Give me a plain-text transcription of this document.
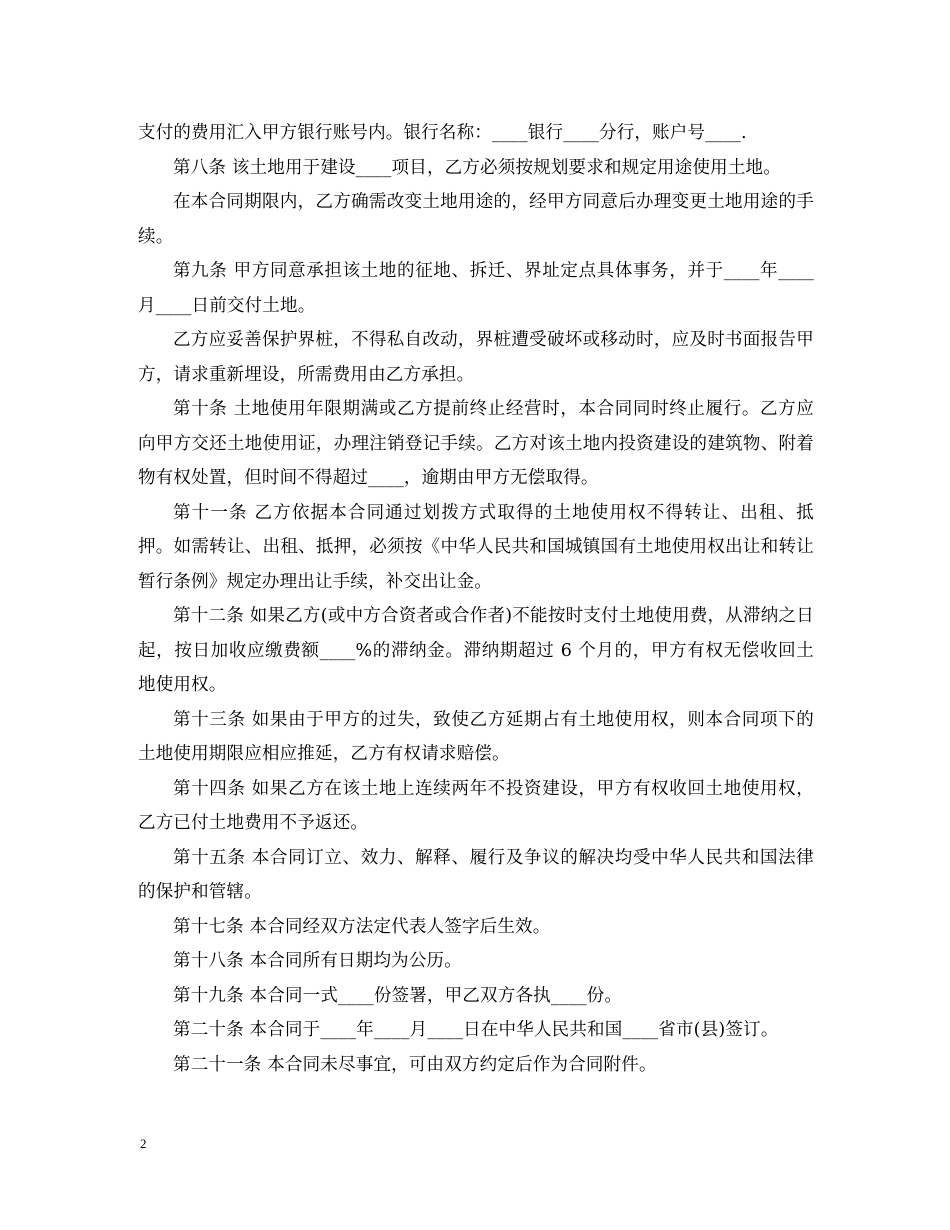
支付的费用汇入甲方银行账号内。银行名称：____银行____分行，账户号____.

第八条 该土地用于建设____项目，乙方必须按规划要求和规定用途使用土地。

在本合同期限内，乙方确需改变土地用途的，经甲方同意后办理变更土地用途的手续。

第九条 甲方同意承担该土地的征地、拆迁、界址定点具体事务，并于____年____月____日前交付土地。

乙方应妥善保护界桩，不得私自改动，界桩遭受破坏或移动时，应及时书面报告甲方，请求重新埋设，所需费用由乙方承担。

第十条 土地使用年限期满或乙方提前终止经营时，本合同同时终止履行。乙方应向甲方交还土地使用证，办理注销登记手续。乙方对该土地内投资建设的建筑物、附着物有权处置，但时间不得超过____，逾期由甲方无偿取得。

第十一条 乙方依据本合同通过划拨方式取得的土地使用权不得转让、出租、抵押。如需转让、出租、抵押，必须按《中华人民共和国城镇国有土地使用权出让和转让暂行条例》规定办理出让手续，补交出让金。

第十二条 如果乙方(或中方合资者或合作者)不能按时支付土地使用费，从滞纳之日起，按日加收应缴费额____%的滞纳金。滞纳期超过 6 个月的，甲方有权无偿收回土地使用权。

第十三条 如果由于甲方的过失，致使乙方延期占有土地使用权，则本合同项下的土地使用期限应相应推延，乙方有权请求赔偿。

第十四条 如果乙方在该土地上连续两年不投资建设，甲方有权收回土地使用权，乙方已付土地费用不予返还。

第十五条 本合同订立、效力、解释、履行及争议的解决均受中华人民共和国法律的保护和管辖。

第十七条 本合同经双方法定代表人签字后生效。

第十八条 本合同所有日期均为公历。

第十九条 本合同一式____份签署，甲乙双方各执____份。

第二十条 本合同于____年____月____日在中华人民共和国____省市(县)签订。

第二十一条 本合同未尽事宜，可由双方约定后作为合同附件。

2
